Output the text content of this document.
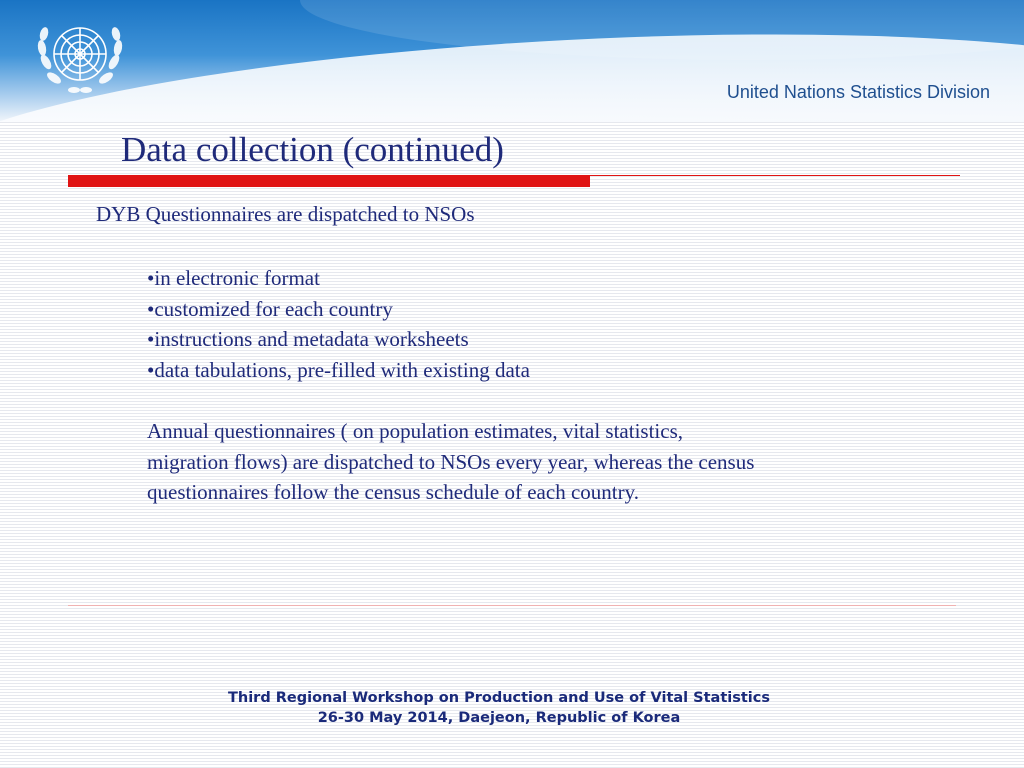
United Nations Statistics Division
Data collection (continued)
DYB Questionnaires are dispatched to NSOs
• in electronic format
• customized for each country
• instructions and metadata worksheets
• data tabulations, pre-filled with existing data

Annual questionnaires ( on population estimates, vital statistics, migration flows) are dispatched to NSOs every year, whereas the census questionnaires follow the census schedule of each country.

Third Regional Workshop on Production and Use of Vital Statistics
26-30 May 2014, Daejeon, Republic of Korea
